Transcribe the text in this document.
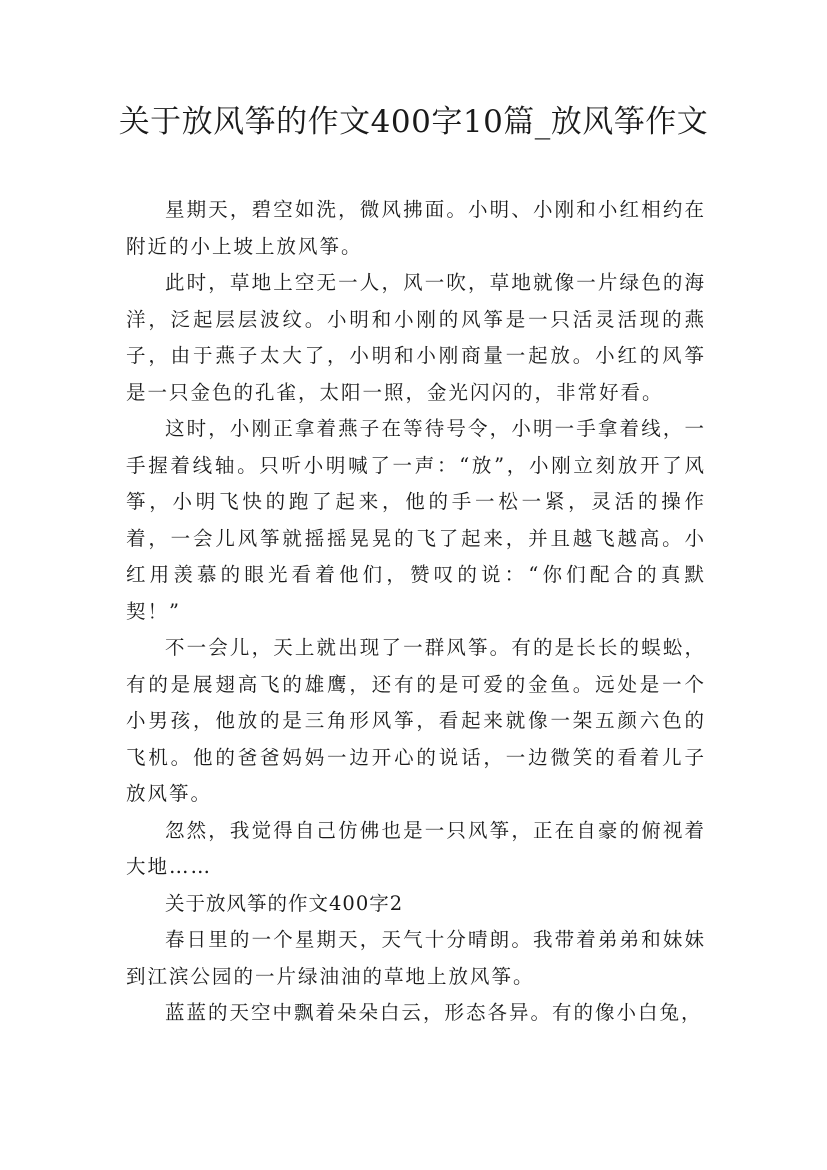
关于放风筝的作文400字10篇_放风筝作文

星期天，碧空如洗，微风拂面。小明、小刚和小红相约在附近的小上坡上放风筝。

此时，草地上空无一人，风一吹，草地就像一片绿色的海洋，泛起层层波纹。小明和小刚的风筝是一只活灵活现的燕子，由于燕子太大了，小明和小刚商量一起放。小红的风筝是一只金色的孔雀，太阳一照，金光闪闪的，非常好看。

这时，小刚正拿着燕子在等待号令，小明一手拿着线，一手握着线轴。只听小明喊了一声：“放”，小刚立刻放开了风筝，小明飞快的跑了起来，他的手一松一紧，灵活的操作着，一会儿风筝就摇摇晃晃的飞了起来，并且越飞越高。小红用羡慕的眼光看着他们，赞叹的说：“你们配合的真默契！”

不一会儿，天上就出现了一群风筝。有的是长长的蜈蚣，有的是展翅高飞的雄鹰，还有的是可爱的金鱼。远处是一个小男孩，他放的是三角形风筝，看起来就像一架五颜六色的飞机。他的爸爸妈妈一边开心的说话，一边微笑的看着儿子放风筝。

忽然，我觉得自己仿佛也是一只风筝，正在自豪的俯视着大地……

关于放风筝的作文400字2

春日里的一个星期天，天气十分晴朗。我带着弟弟和妹妹到江滨公园的一片绿油油的草地上放风筝。

蓝蓝的天空中飘着朵朵白云，形态各异。有的像小白兔，
